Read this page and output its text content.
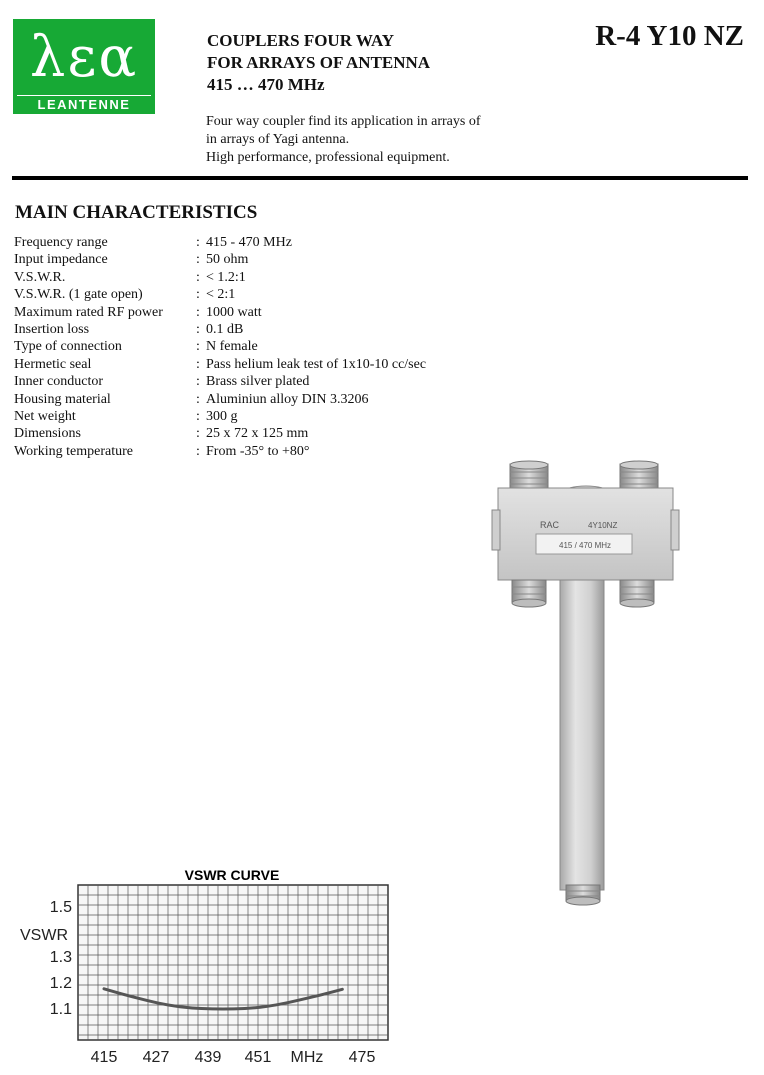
λεα
LEANTENNE
COUPLERS FOUR WAY
FOR ARRAYS OF ANTENNA
415 … 470 MHz
R-4 Y10 NZ
Four way coupler find its application in arrays of
in arrays of Yagi antenna.
High performance, professional equipment.
MAIN CHARACTERISTICS
Frequency range	: 415 - 470 MHz
Input impedance	: 50 ohm
V.S.W.R.	: < 1.2:1
V.S.W.R. (1 gate open)	: < 2:1
Maximum rated RF power : 1000 watt
Insertion loss	: 0.1 dB
Type of connection	: N female
Hermetic seal	: Pass helium leak test of 1x10-10 cc/sec
Inner conductor	: Brass silver plated
Housing material	: Aluminiun alloy DIN 3.3206
Net weight	: 300 g
Dimensions	: 25 x 72 x 125 mm
Working temperature	: From -35° to +80°
RAC	4Y10NZ
415 / 470 MHz
VSWR CURVE
VSWR
1.5
1.3
1.2
1.1
415 427 439 451 MHz 475
